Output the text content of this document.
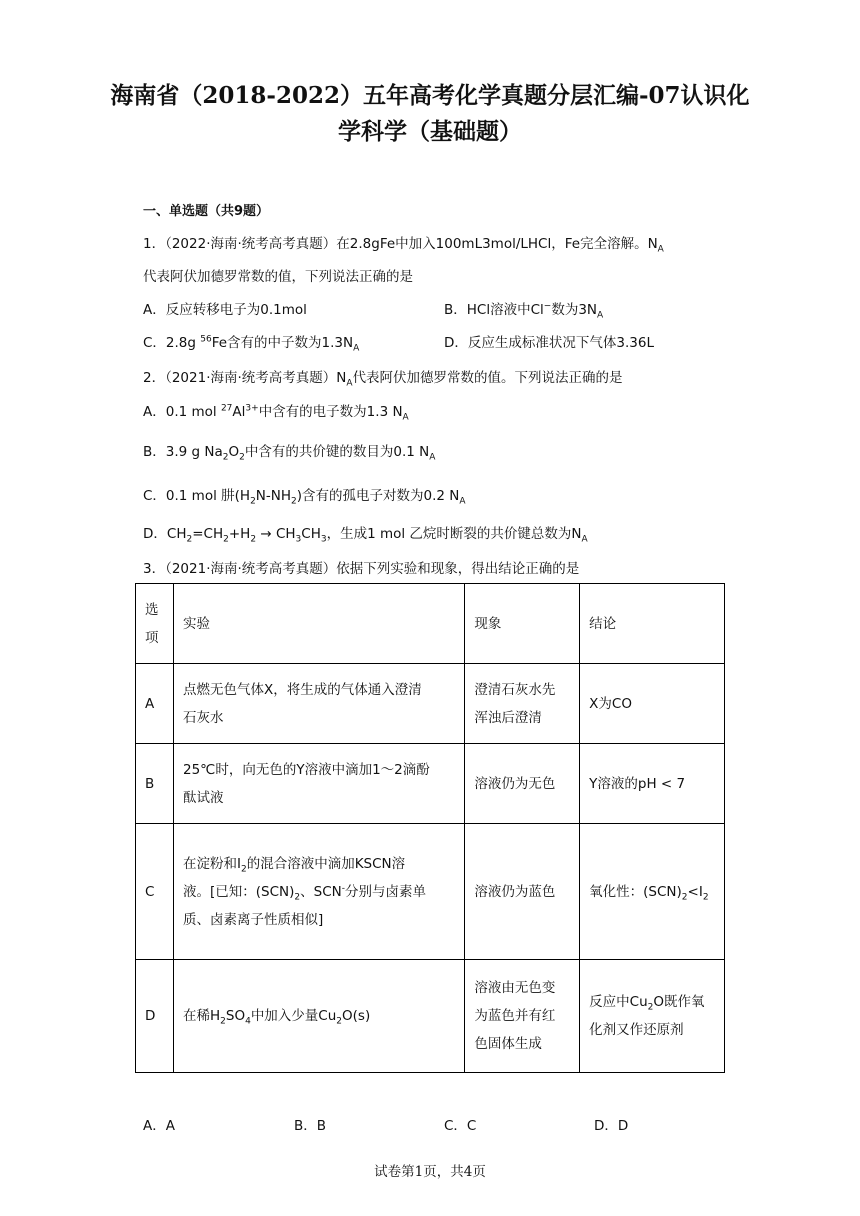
海南省（2018-2022）五年高考化学真题分层汇编-07认识化
学科学（基础题）
一、单选题（共9题）
1．（2022·海南·统考高考真题）在2.8gFe中加入100mL3mol/LHCl，Fe完全溶解。$N_A$
代表阿伏加德罗常数的值，下列说法正确的是
A．反应转移电子为0.1mol	B．HCl溶液中Cl−数为$3N_A$
C．2.8g $^{56}$Fe含有的中子数为$1.3N_A$	D．反应生成标准状况下气体3.36L
2．（2021·海南·统考高考真题）$N_A$代表阿伏加德罗常数的值。下列说法正确的是
A．0.1 mol $^{27}Al^{3+}$中含有的电子数为1.3 $N_A$
B．3.9 g $Na_2O_2$中含有的共价键的数目为0.1 $N_A$
C．0.1 mol 肼$(H_2N-NH_2)$含有的孤电子对数为0.2 $N_A$
D．$CH_2=CH_2+H_2 \to CH_3CH_3$，生成1 mol 乙烷时断裂的共价键总数为$N_A$
3．（2021·海南·统考高考真题）依据下列实验和现象，得出结论正确的是
选
项	实验	现象	结论
A	点燃无色气体X，将生成的气体通入澄清
石灰水	澄清石灰水先
浑浊后澄清	X为CO
B	25℃时，向无色的Y溶液中滴加1～2滴酚
酞试液	溶液仍为无色	Y溶液的pH < 7
C	在淀粉和$I_2$的混合溶液中滴加KSCN溶
液。[已知：$(SCN)_2$、SCN-分别与卤素单
质、卤素离子性质相似]	溶液仍为蓝色	氧化性：$(SCN)_2<I_2$
D	在稀$H_2SO_4$中加入少量$Cu_2O(s)$	溶液由无色变
为蓝色并有红
色固体生成	反应中$Cu_2O$既作氧
化剂又作还原剂
A．A	B．B	C．C	D．D
试卷第1页，共4页
